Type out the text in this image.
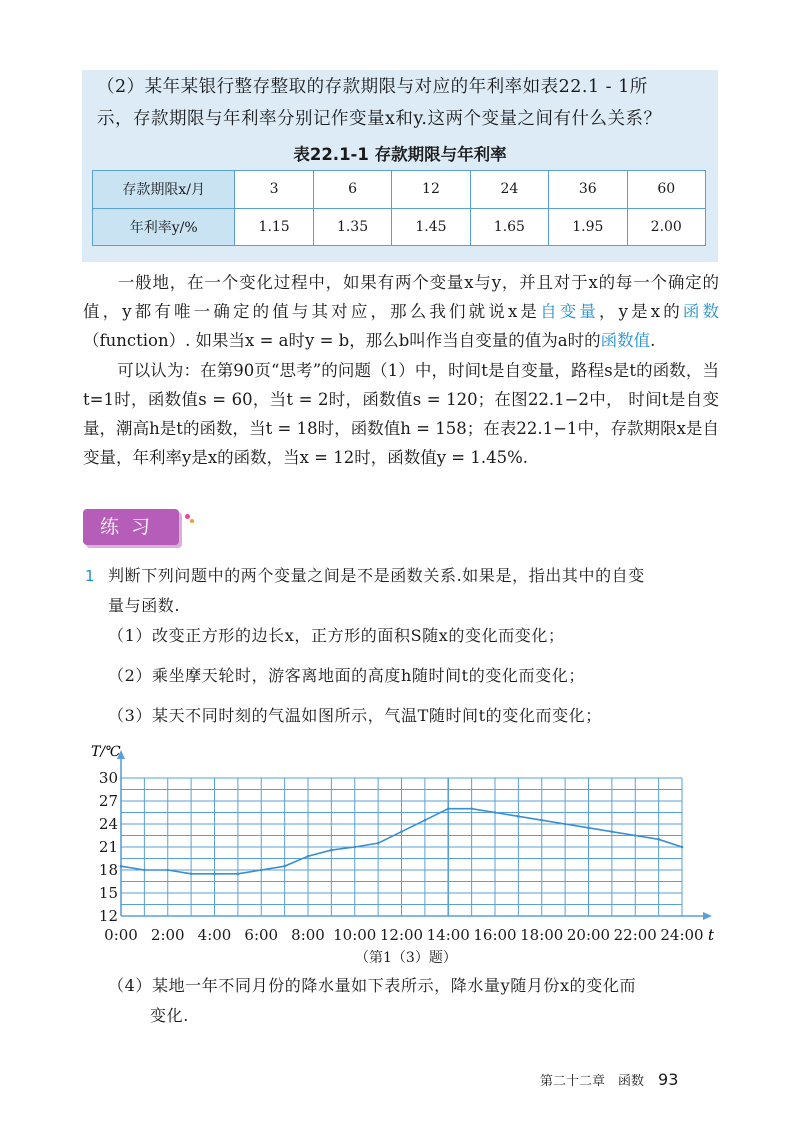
（2）某年某银行整存整取的存款期限与对应的年利率如表22.1 - 1所

示，存款期限与年利率分别记作变量x和y.这两个变量之间有什么关系？

表22.1-1 存款期限与年利率
存款期限x/月	3	6	12	24	36	60
年利率y/%	1.15	1.35	1.45	1.65	1.95	2.00

一般地，在一个变化过程中，如果有两个变量x与y，并且对于x的每一个确定的值，y都有唯一确定的值与其对应，那么我们就说x是自变量，y是x的函数（function）. 如果当x = a时y = b，那么b叫作当自变量的值为a时的函数值.

可以认为：在第90页“思考”的问题（1）中，时间t是自变量，路程s是t的函数，当t=1时，函数值s = 60，当t = 2时，函数值s = 120；在图22.1−2中， 时间t是自变量，潮高h是t的函数，当t = 18时，函数值h = 158；在表22.1−1中，存款期限x是自变量，年利率y是x的函数，当x = 12时，函数值y = 1.45%.

练习
1 判断下列问题中的两个变量之间是不是函数关系.如果是，指出其中的自变

量与函数.

（1）改变正方形的边长x，正方形的面积S随x的变化而变化；

（2）乘坐摩天轮时，游客离地面的高度h随时间t的变化而变化；

（3）某天不同时刻的气温如图所示，气温T随时间t的变化而变化；

12
15
18
21
24
27
30
0:00 2:00 4:00 6:00 8:00 10:00 12:00 14:00 16:00 18:00 20:00 22:00 24:00
T/℃
t
（第1（3）题）

（4）某地一年不同月份的降水量如下表所示，降水量y随月份x的变化而

变化.

第二十二章　函数 93
